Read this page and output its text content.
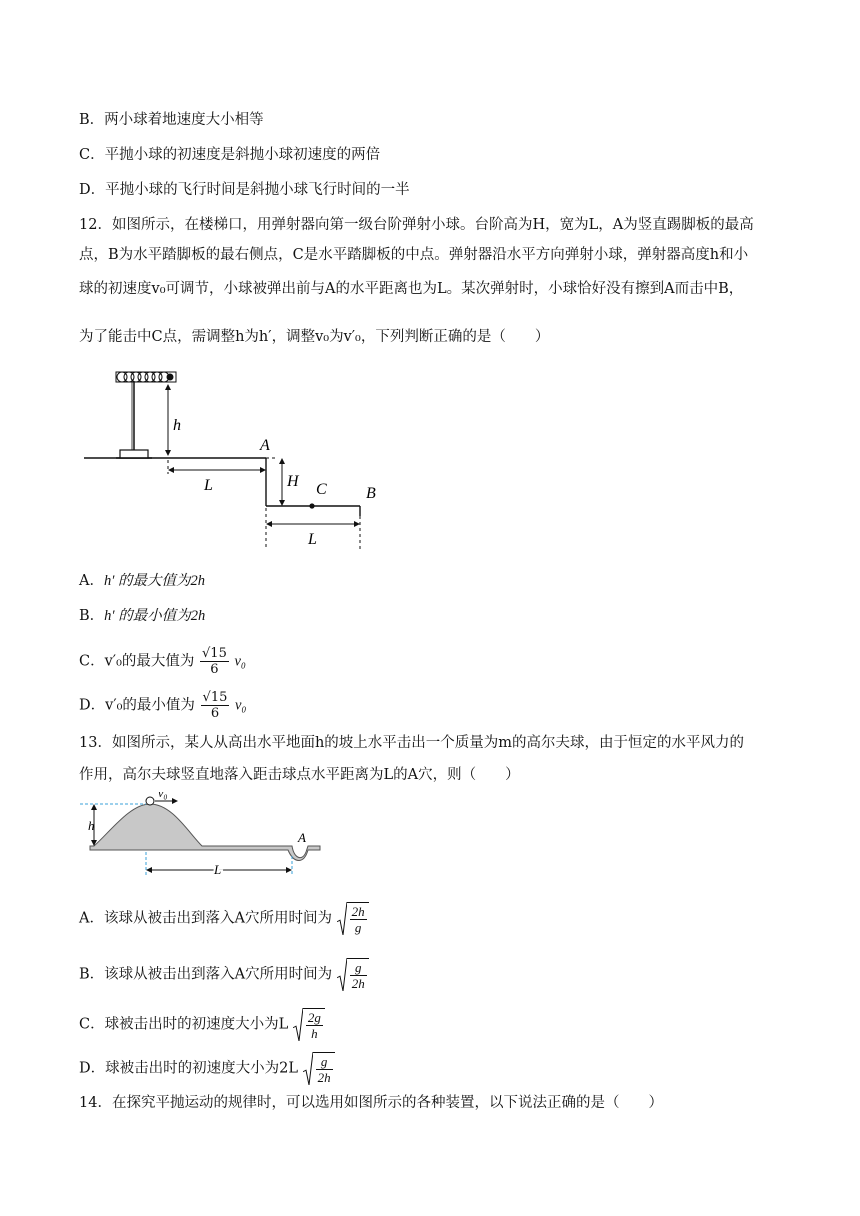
B．两小球着地速度大小相等
C．平抛小球的初速度是斜抛小球初速度的两倍
D．平抛小球的飞行时间是斜抛小球飞行时间的一半
12．如图所示，在楼梯口，用弹射器向第一级台阶弹射小球。台阶高为H，宽为L，A为竖直踢脚板的最高
点，B为水平踏脚板的最右侧点，C是水平踏脚板的中点。弹射器沿水平方向弹射小球，弹射器高度h和小
球的初速度v₀可调节，小球被弹出前与A的水平距离也为L。某次弹射时，小球恰好没有擦到A而击中B，
为了能击中C点，需调整h为h′，调整v₀为v′₀，下列判断正确的是（　　）
h
L
A
H C B
L
A．h′ 的最大值为2h
B．h′ 的最小值为2h
C．v′₀的最大值为 $\frac{√15}{6} v_0$
D．v′₀的最小值为 $\frac{√15}{6} v_0$
13．如图所示，某人从高出水平地面h的坡上水平击出一个质量为m的高尔夫球，由于恒定的水平风力的
作用，高尔夫球竖直地落入距击球点水平距离为L的A穴，则（　　）
v₀
h
A
L
A．该球从被击出到落入A穴所用时间为 $\frac{2h}{g}$
B．该球从被击出到落入A穴所用时间为 $\frac{g}{2h}$
C．球被击出时的初速度大小为L $\frac{2g}{h}$
D．球被击出时的初速度大小为$2L \frac{g}{2h}$
14．在探究平抛运动的规律时，可以选用如图所示的各种装置，以下说法正确的是（　　）
